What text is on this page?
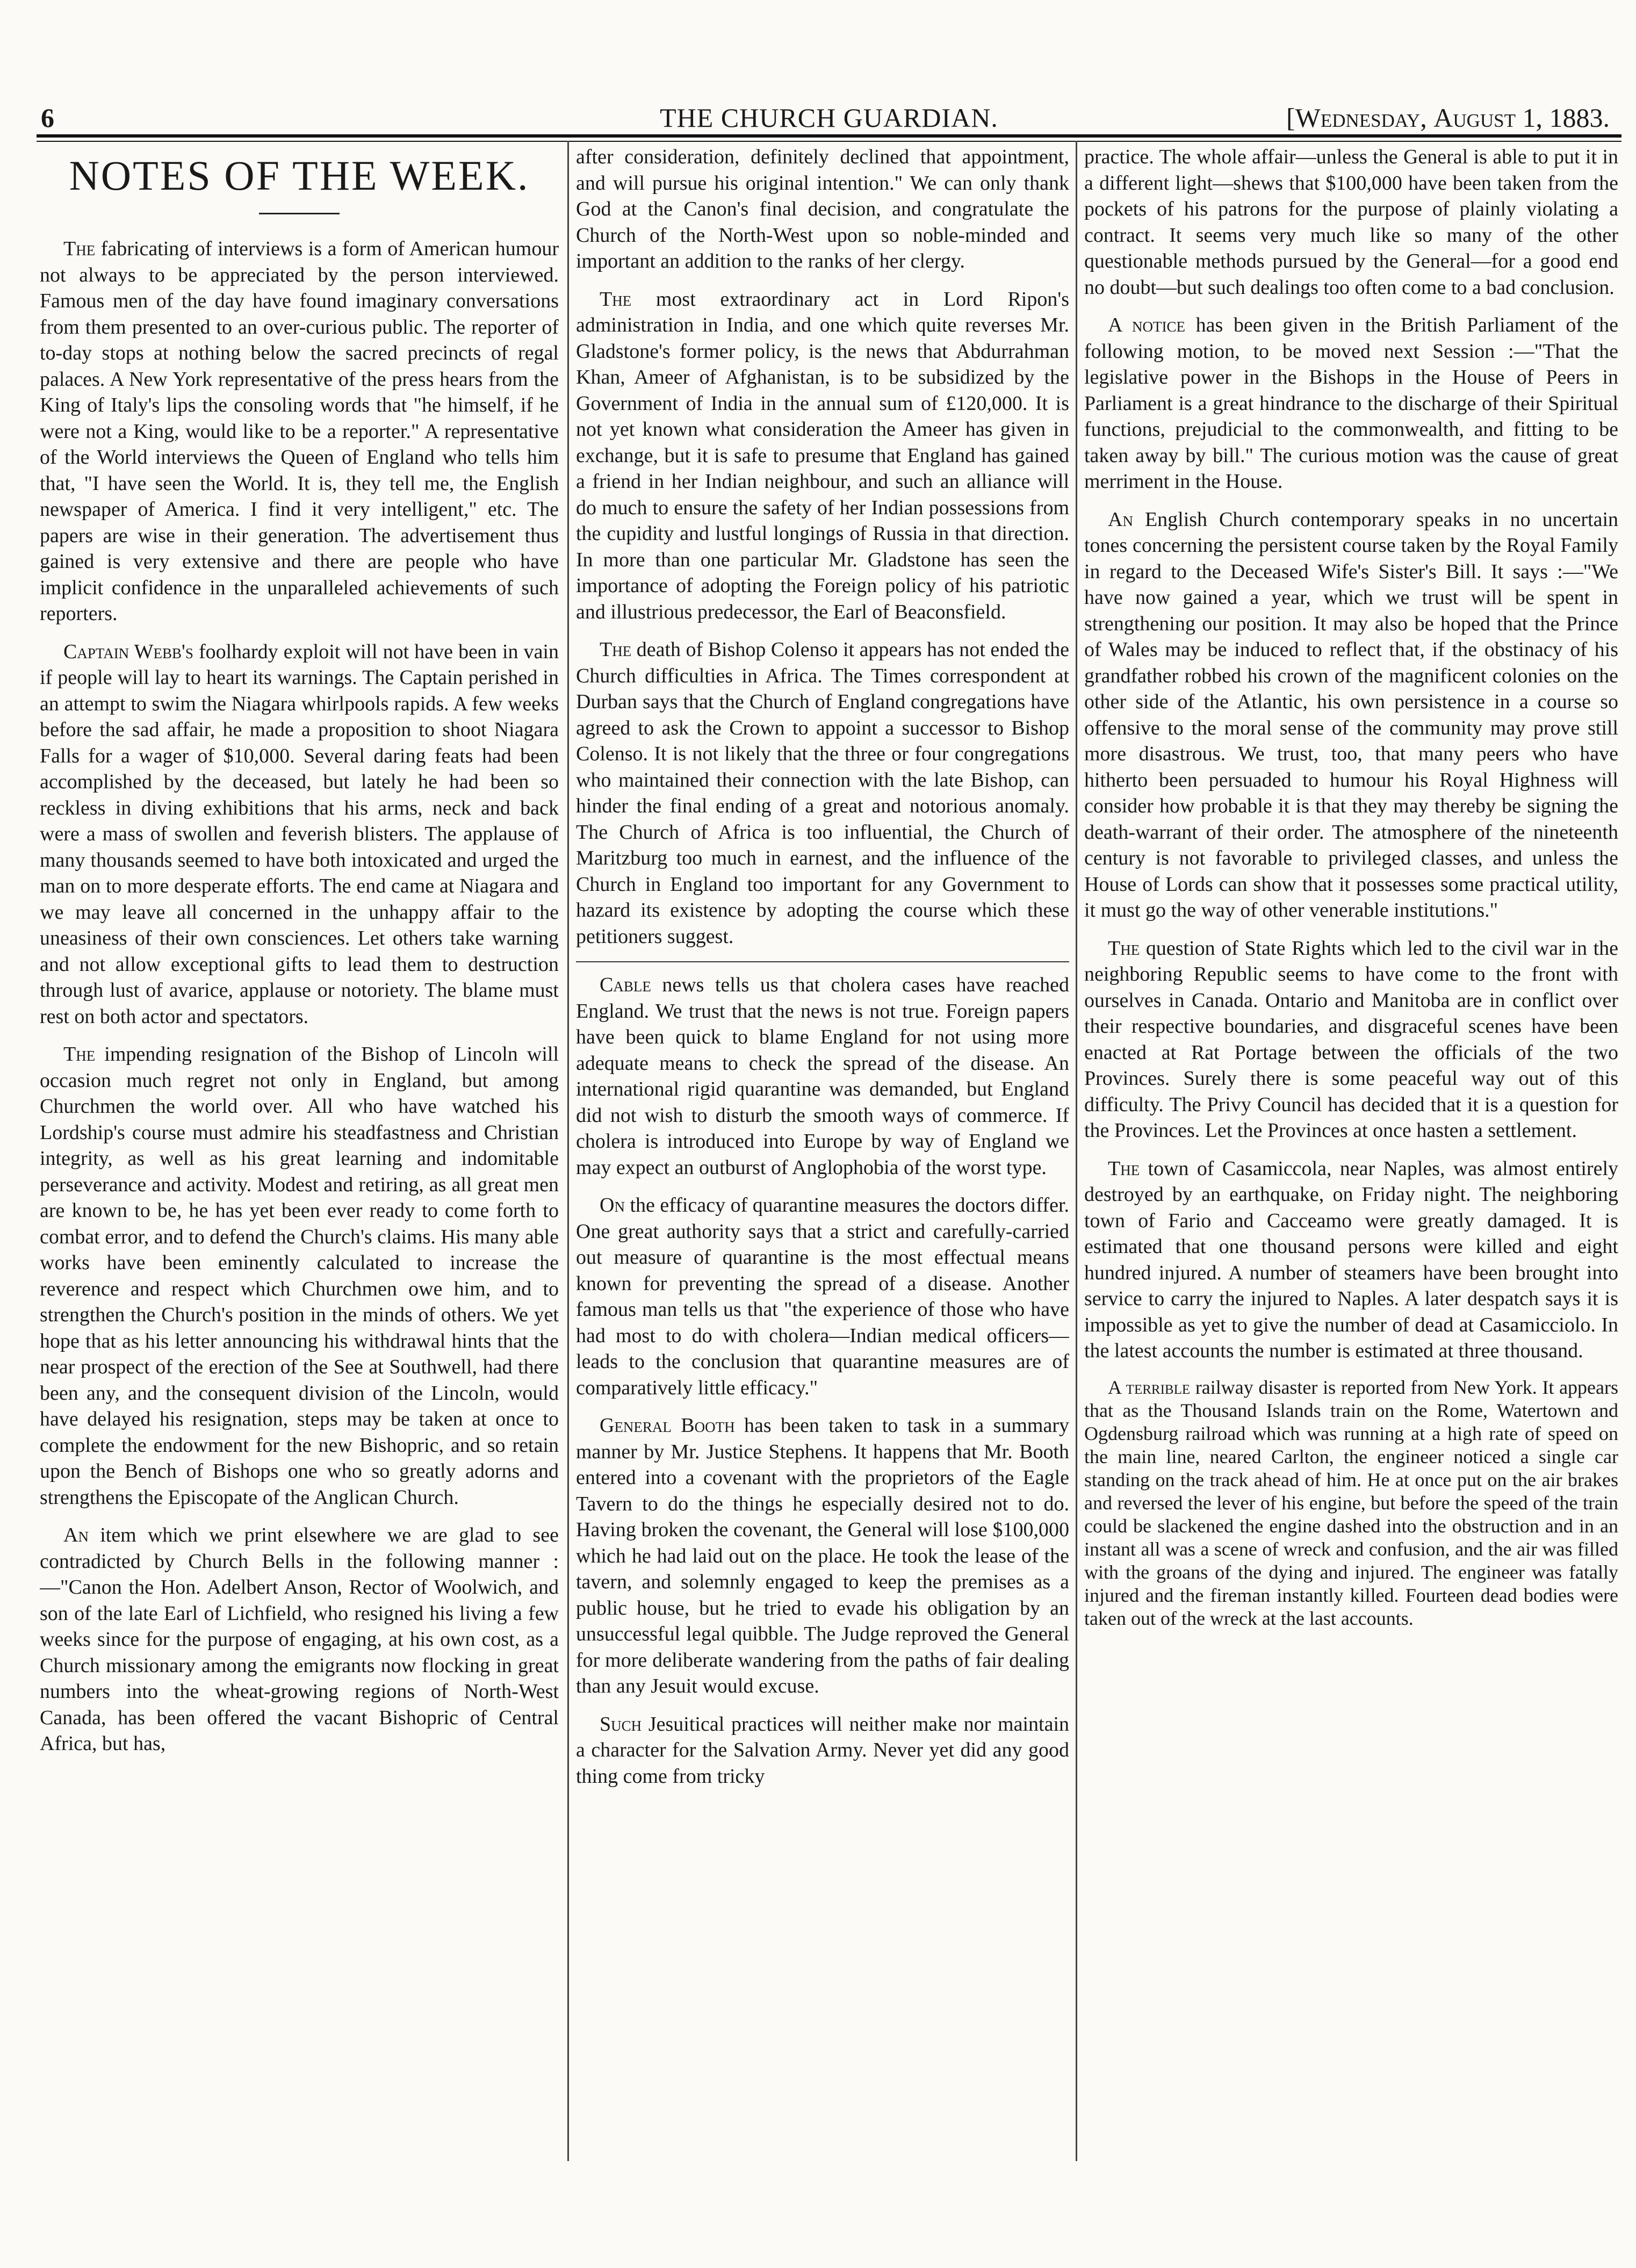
6	THE CHURCH GUARDIAN.	[Wednesday, August 1, 1883.
NOTES OF THE WEEK.

The fabricating of interviews is a form of American humour not always to be appreciated by the person interviewed. Famous men of the day have found imaginary conversations from them presented to an over-curious public. The reporter of to-day stops at nothing below the sacred precincts of regal palaces. A New York representative of the press hears from the King of Italy's lips the consoling words that "he himself, if he were not a King, would like to be a reporter." A representative of the World interviews the Queen of England who tells him that, "I have seen the World. It is, they tell me, the English newspaper of America. I find it very intelligent," etc. The papers are wise in their generation. The advertisement thus gained is very extensive and there are people who have implicit confidence in the unparalleled achievements of such reporters.

Captain Webb's foolhardy exploit will not have been in vain if people will lay to heart its warnings. The Captain perished in an attempt to swim the Niagara whirlpools rapids. A few weeks before the sad affair, he made a proposition to shoot Niagara Falls for a wager of $10,000. Several daring feats had been accomplished by the deceased, but lately he had been so reckless in diving exhibitions that his arms, neck and back were a mass of swollen and feverish blisters. The applause of many thousands seemed to have both intoxicated and urged the man on to more desperate efforts. The end came at Niagara and we may leave all concerned in the unhappy affair to the uneasiness of their own consciences. Let others take warning and not allow exceptional gifts to lead them to destruction through lust of avarice, applause or notoriety. The blame must rest on both actor and spectators.

The impending resignation of the Bishop of Lincoln will occasion much regret not only in England, but among Churchmen the world over. All who have watched his Lordship's course must admire his steadfastness and Christian integrity, as well as his great learning and indomitable perseverance and activity. Modest and retiring, as all great men are known to be, he has yet been ever ready to come forth to combat error, and to defend the Church's claims. His many able works have been eminently calculated to increase the reverence and respect which Churchmen owe him, and to strengthen the Church's position in the minds of others. We yet hope that as his letter announcing his withdrawal hints that the near prospect of the erection of the See at Southwell, had there been any, and the consequent division of the Lincoln, would have delayed his resignation, steps may be taken at once to complete the endowment for the new Bishopric, and so retain upon the Bench of Bishops one who so greatly adorns and strengthens the Episcopate of the Anglican Church.

An item which we print elsewhere we are glad to see contradicted by Church Bells in the following manner :—"Canon the Hon. Adelbert Anson, Rector of Woolwich, and son of the late Earl of Lichfield, who resigned his living a few weeks since for the purpose of engaging, at his own cost, as a Church missionary among the emigrants now flocking in great numbers into the wheat-growing regions of North-West Canada, has been offered the vacant Bishopric of Central Africa, but has,

after consideration, definitely declined that appointment, and will pursue his original intention." We can only thank God at the Canon's final decision, and congratulate the Church of the North-West upon so noble-minded and important an addition to the ranks of her clergy.

The most extraordinary act in Lord Ripon's administration in India, and one which quite reverses Mr. Gladstone's former policy, is the news that Abdurrahman Khan, Ameer of Afghanistan, is to be subsidized by the Government of India in the annual sum of £120,000. It is not yet known what consideration the Ameer has given in exchange, but it is safe to presume that England has gained a friend in her Indian neighbour, and such an alliance will do much to ensure the safety of her Indian possessions from the cupidity and lustful longings of Russia in that direction. In more than one particular Mr. Gladstone has seen the importance of adopting the Foreign policy of his patriotic and illustrious predecessor, the Earl of Beaconsfield.

The death of Bishop Colenso it appears has not ended the Church difficulties in Africa. The Times correspondent at Durban says that the Church of England congregations have agreed to ask the Crown to appoint a successor to Bishop Colenso. It is not likely that the three or four congregations who maintained their connection with the late Bishop, can hinder the final ending of a great and notorious anomaly. The Church of Africa is too influential, the Church of Maritzburg too much in earnest, and the influence of the Church in England too important for any Government to hazard its existence by adopting the course which these petitioners suggest.

Cable news tells us that cholera cases have reached England. We trust that the news is not true. Foreign papers have been quick to blame England for not using more adequate means to check the spread of the disease. An international rigid quarantine was demanded, but England did not wish to disturb the smooth ways of commerce. If cholera is introduced into Europe by way of England we may expect an outburst of Anglophobia of the worst type.

On the efficacy of quarantine measures the doctors differ. One great authority says that a strict and carefully-carried out measure of quarantine is the most effectual means known for preventing the spread of a disease. Another famous man tells us that "the experience of those who have had most to do with cholera—Indian medical officers—leads to the conclusion that quarantine measures are of comparatively little efficacy."

General Booth has been taken to task in a summary manner by Mr. Justice Stephens. It happens that Mr. Booth entered into a covenant with the proprietors of the Eagle Tavern to do the things he especially desired not to do. Having broken the covenant, the General will lose $100,000 which he had laid out on the place. He took the lease of the tavern, and solemnly engaged to keep the premises as a public house, but he tried to evade his obligation by an unsuccessful legal quibble. The Judge reproved the General for more deliberate wandering from the paths of fair dealing than any Jesuit would excuse.

Such Jesuitical practices will neither make nor maintain a character for the Salvation Army. Never yet did any good thing come from tricky

practice. The whole affair—unless the General is able to put it in a different light—shews that $100,000 have been taken from the pockets of his patrons for the purpose of plainly violating a contract. It seems very much like so many of the other questionable methods pursued by the General—for a good end no doubt—but such dealings too often come to a bad conclusion.

A notice has been given in the British Parliament of the following motion, to be moved next Session :—"That the legislative power in the Bishops in the House of Peers in Parliament is a great hindrance to the discharge of their Spiritual functions, prejudicial to the commonwealth, and fitting to be taken away by bill." The curious motion was the cause of great merriment in the House.

An English Church contemporary speaks in no uncertain tones concerning the persistent course taken by the Royal Family in regard to the Deceased Wife's Sister's Bill. It says :—"We have now gained a year, which we trust will be spent in strengthening our position. It may also be hoped that the Prince of Wales may be induced to reflect that, if the obstinacy of his grandfather robbed his crown of the magnificent colonies on the other side of the Atlantic, his own persistence in a course so offensive to the moral sense of the community may prove still more disastrous. We trust, too, that many peers who have hitherto been persuaded to humour his Royal Highness will consider how probable it is that they may thereby be signing the death-warrant of their order. The atmosphere of the nineteenth century is not favorable to privileged classes, and unless the House of Lords can show that it possesses some practical utility, it must go the way of other venerable institutions."

The question of State Rights which led to the civil war in the neighboring Republic seems to have come to the front with ourselves in Canada. Ontario and Manitoba are in conflict over their respective boundaries, and disgraceful scenes have been enacted at Rat Portage between the officials of the two Provinces. Surely there is some peaceful way out of this difficulty. The Privy Council has decided that it is a question for the Provinces. Let the Provinces at once hasten a settlement.

The town of Casamiccola, near Naples, was almost entirely destroyed by an earthquake, on Friday night. The neighboring town of Fario and Cacceamo were greatly damaged. It is estimated that one thousand persons were killed and eight hundred injured. A number of steamers have been brought into service to carry the injured to Naples. A later despatch says it is impossible as yet to give the number of dead at Casamicciolo. In the latest accounts the number is estimated at three thousand.

A terrible railway disaster is reported from New York. It appears that as the Thousand Islands train on the Rome, Watertown and Ogdensburg railroad which was running at a high rate of speed on the main line, neared Carlton, the engineer noticed a single car standing on the track ahead of him. He at once put on the air brakes and reversed the lever of his engine, but before the speed of the train could be slackened the engine dashed into the obstruction and in an instant all was a scene of wreck and confusion, and the air was filled with the groans of the dying and injured. The engineer was fatally injured and the fireman instantly killed. Fourteen dead bodies were taken out of the wreck at the last accounts.
